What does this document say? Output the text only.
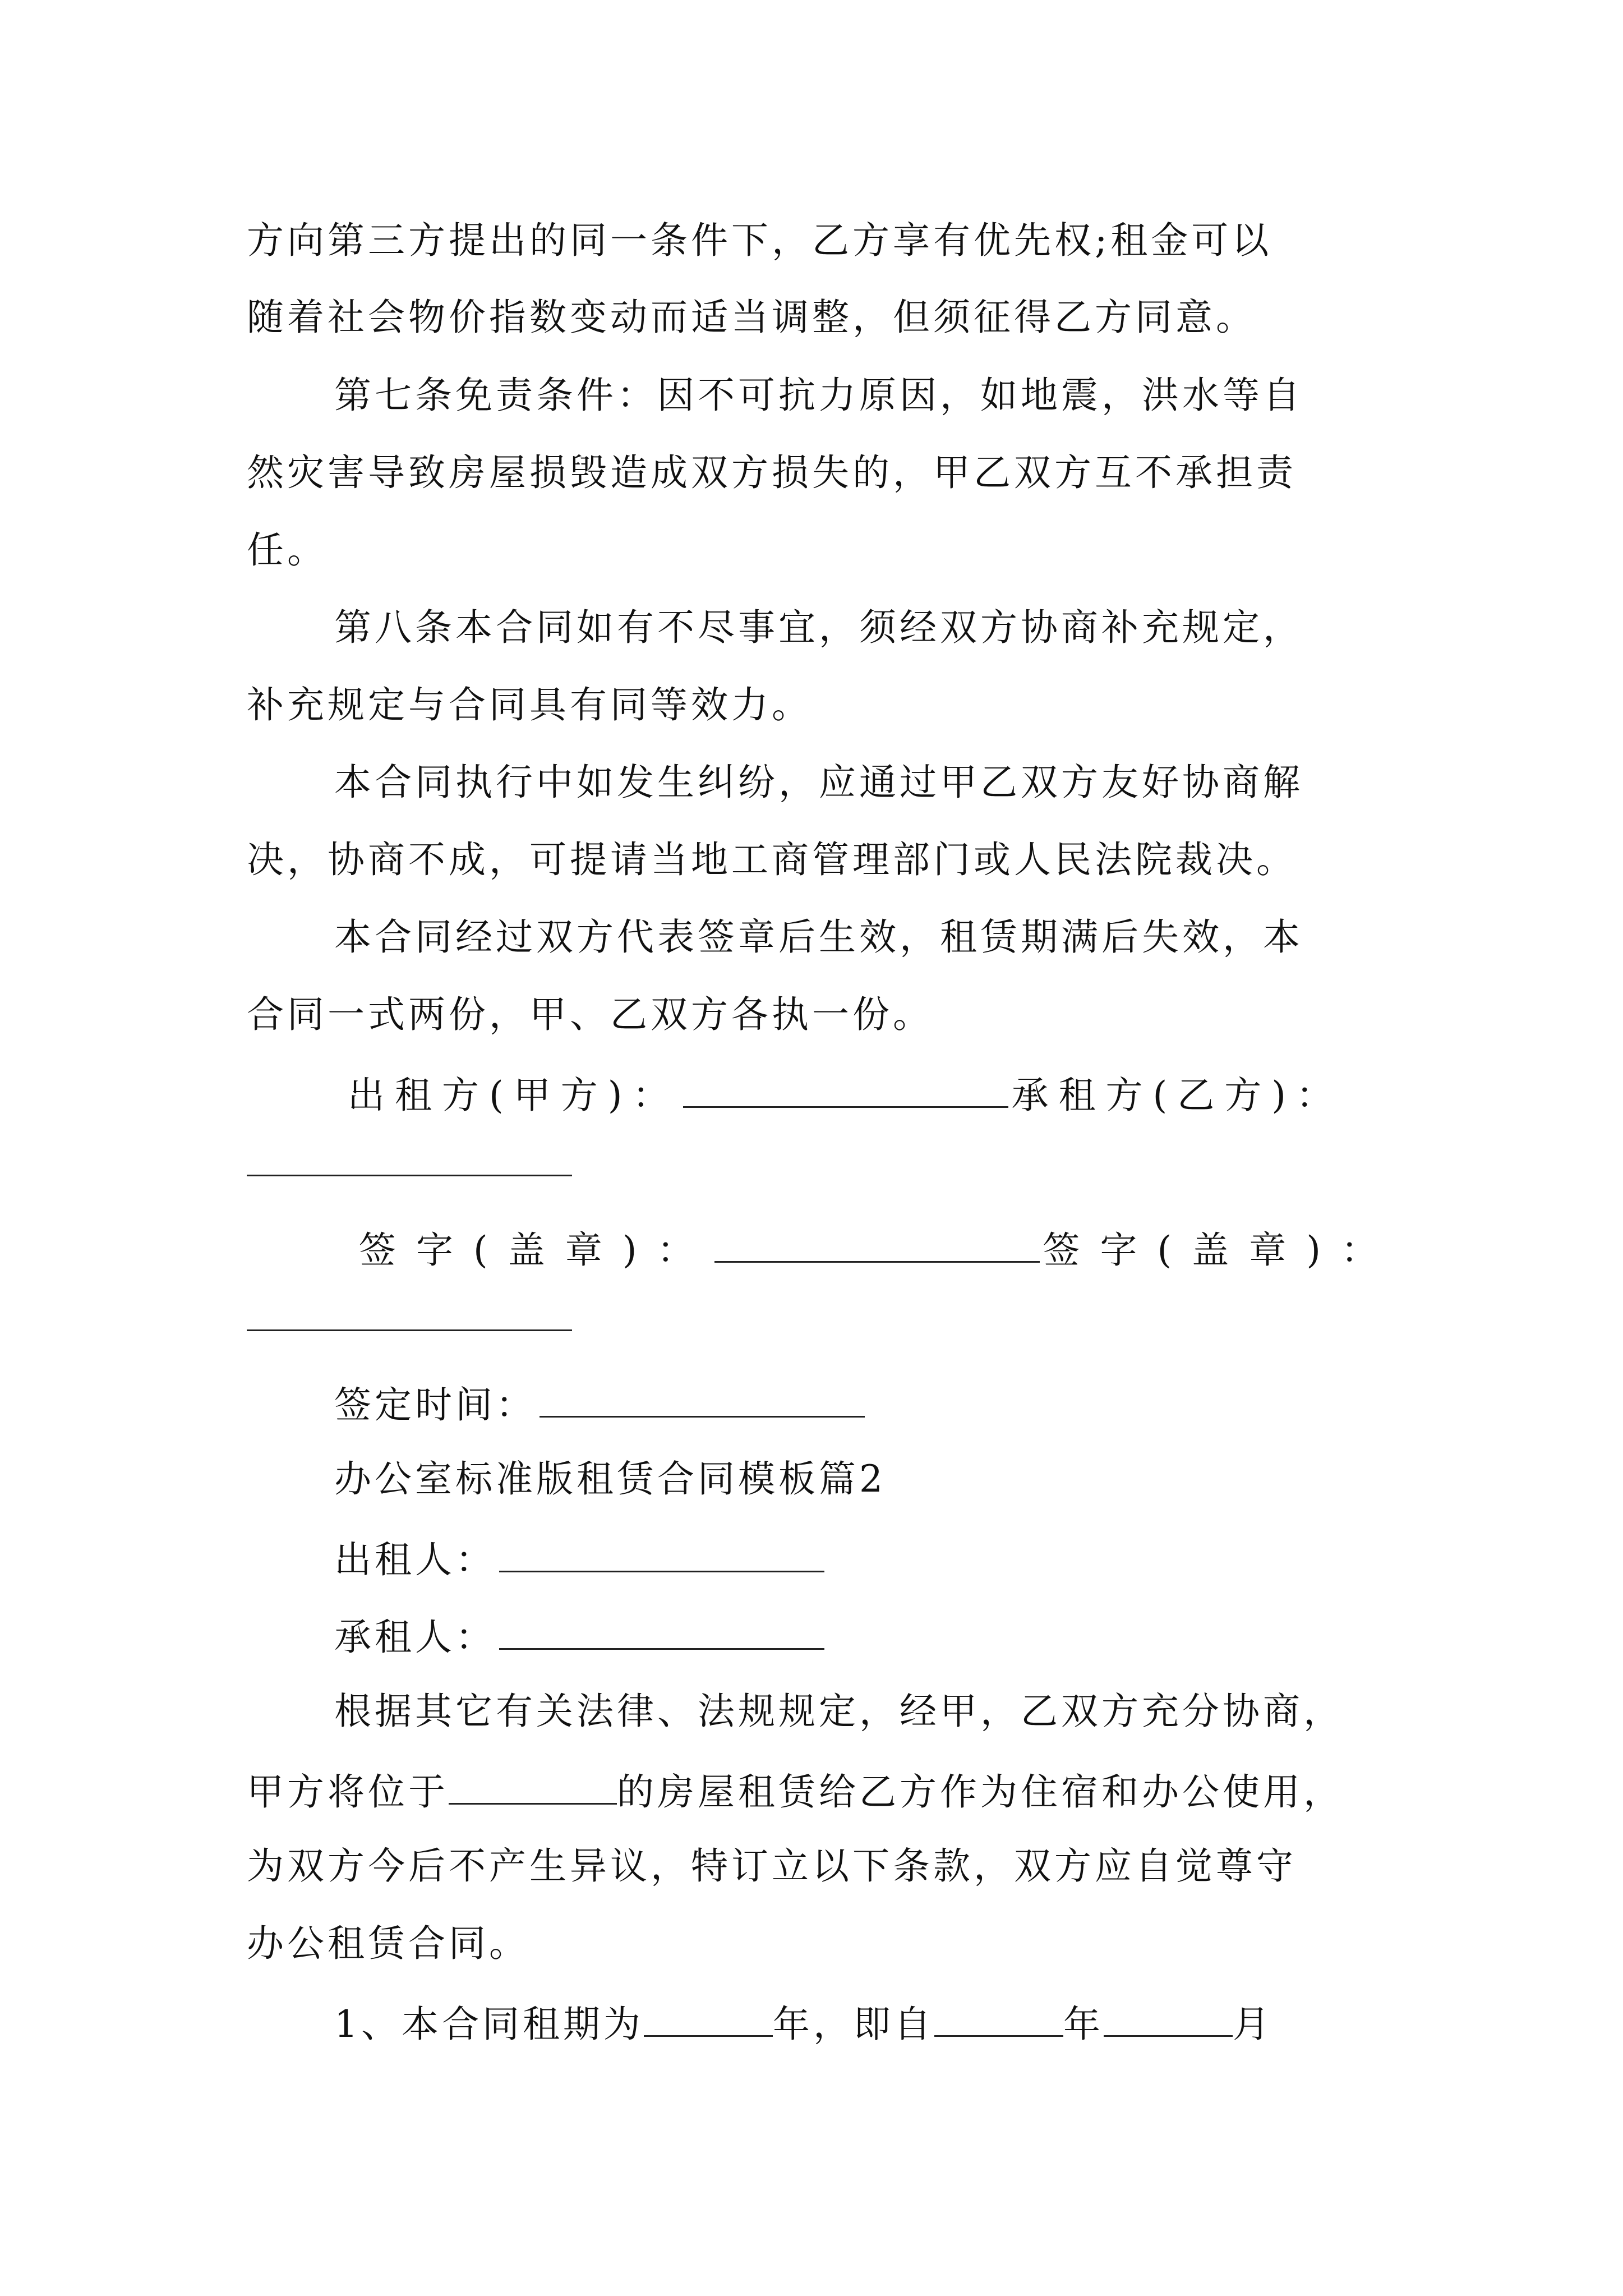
方向第三方提出的同一条件下，乙方享有优先权;租金可以
随着社会物价指数变动而适当调整，但须征得乙方同意。
第七条免责条件：因不可抗力原因，如地震，洪水等自
然灾害导致房屋损毁造成双方损失的，甲乙双方互不承担责
任。
第八条本合同如有不尽事宜，须经双方协商补充规定，
补充规定与合同具有同等效力。
本合同执行中如发生纠纷，应通过甲乙双方友好协商解
决，协商不成，可提请当地工商管理部门或人民法院裁决。
本合同经过双方代表签章后生效，租赁期满后失效，本
合同一式两份，甲、乙双方各执一份。
出租方(甲方)：	承租方(乙方)：
签字(盖章)：	签字(盖章)：
签定时间：
办公室标准版租赁合同模板篇2
出租人：
承租人：
根据其它有关法律、法规规定，经甲，乙双方充分协商，
甲方将位于	的房屋租赁给乙方作为住宿和办公使用，
为双方今后不产生异议，特订立以下条款，双方应自觉尊守
办公租赁合同。
1、本合同租期为	年，即自	年	月
